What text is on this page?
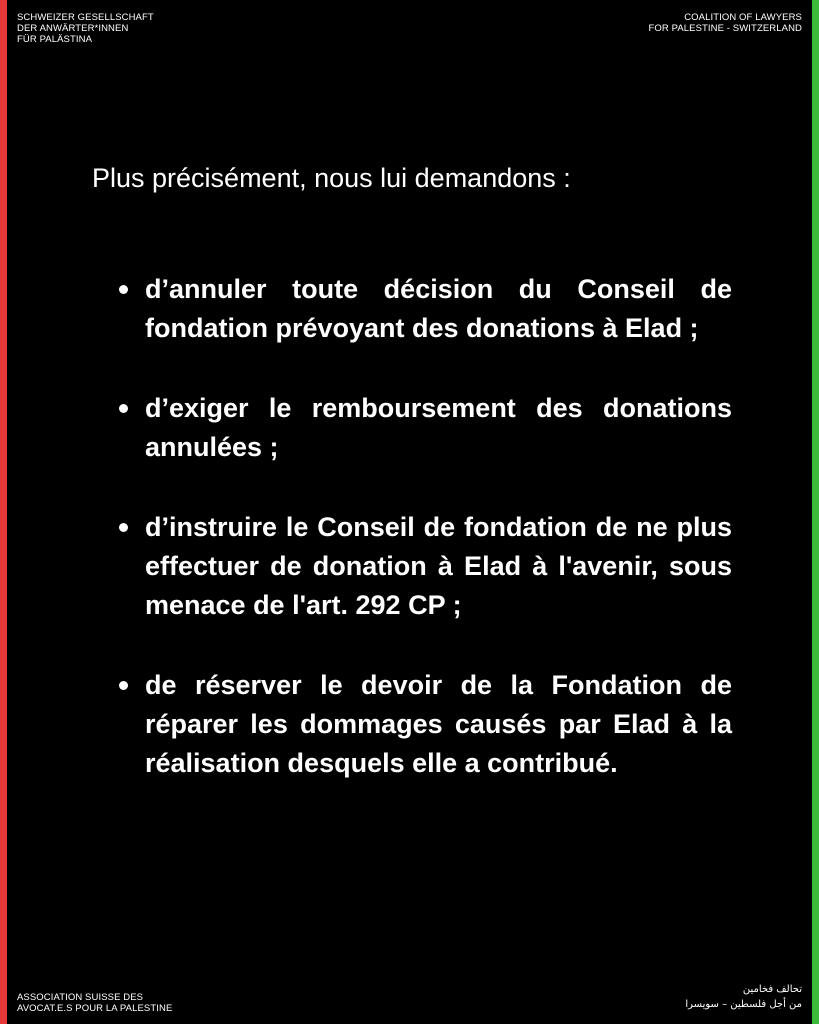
SCHWEIZER GESELLSCHAFT
DER ANWÄRTER*INNEN
FÜR PALÄSTINA
COALITION OF LAWYERS
FOR PALESTINE - SWITZERLAND
Plus précisément, nous lui demandons :
d’annuler toute décision du Conseil de fondation prévoyant des donations à Elad ;
d’exiger le remboursement des donations annulées ;
d’instruire le Conseil de fondation de ne plus effectuer de donation à Elad à l'avenir, sous menace de l'art. 292 CP ;
de réserver le devoir de la Fondation de réparer les dommages causés par Elad à la réalisation desquels elle a contribué.
ASSOCIATION SUISSE DES
AVOCAT.E.S POUR LA PALESTINE
تحالف فخامين
من أجل فلسطين – سويسرا
